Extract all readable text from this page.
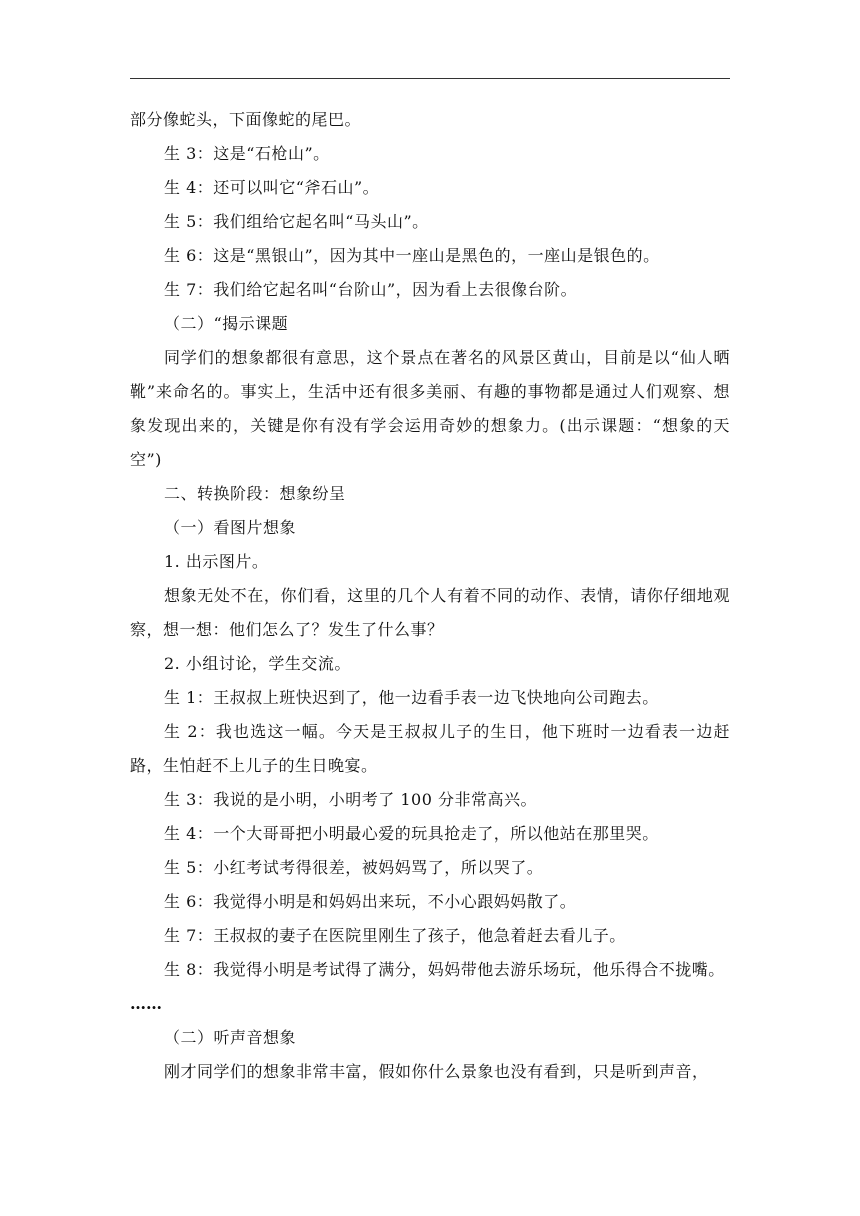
部分像蛇头，下面像蛇的尾巴。

生 3：这是“石枪山”。

生 4：还可以叫它“斧石山”。

生 5：我们组给它起名叫“马头山”。

生 6：这是“黑银山”，因为其中一座山是黑色的，一座山是银色的。

生 7：我们给它起名叫“台阶山”，因为看上去很像台阶。

（二）“揭示课题

同学们的想象都很有意思，这个景点在著名的风景区黄山，目前是以“仙人晒靴”来命名的。事实上，生活中还有很多美丽、有趣的事物都是通过人们观察、想象发现出来的，关键是你有没有学会运用奇妙的想象力。(出示课题：“想象的天空”)

二、转换阶段：想象纷呈

（一）看图片想象

1. 出示图片。

想象无处不在，你们看，这里的几个人有着不同的动作、表情，请你仔细地观察，想一想：他们怎么了？发生了什么事？

2. 小组讨论，学生交流。

生 1：王叔叔上班快迟到了，他一边看手表一边飞快地向公司跑去。

生 2：我也选这一幅。今天是王叔叔儿子的生日，他下班时一边看表一边赶路，生怕赶不上儿子的生日晚宴。

生 3：我说的是小明，小明考了 100 分非常高兴。

生 4：一个大哥哥把小明最心爱的玩具抢走了，所以他站在那里哭。

生 5：小红考试考得很差，被妈妈骂了，所以哭了。

生 6：我觉得小明是和妈妈出来玩，不小心跟妈妈散了。

生 7：王叔叔的妻子在医院里刚生了孩子，他急着赶去看儿子。

生 8：我觉得小明是考试得了满分，妈妈带他去游乐场玩，他乐得合不拢嘴。

……

（二）听声音想象

刚才同学们的想象非常丰富，假如你什么景象也没有看到，只是听到声音，
